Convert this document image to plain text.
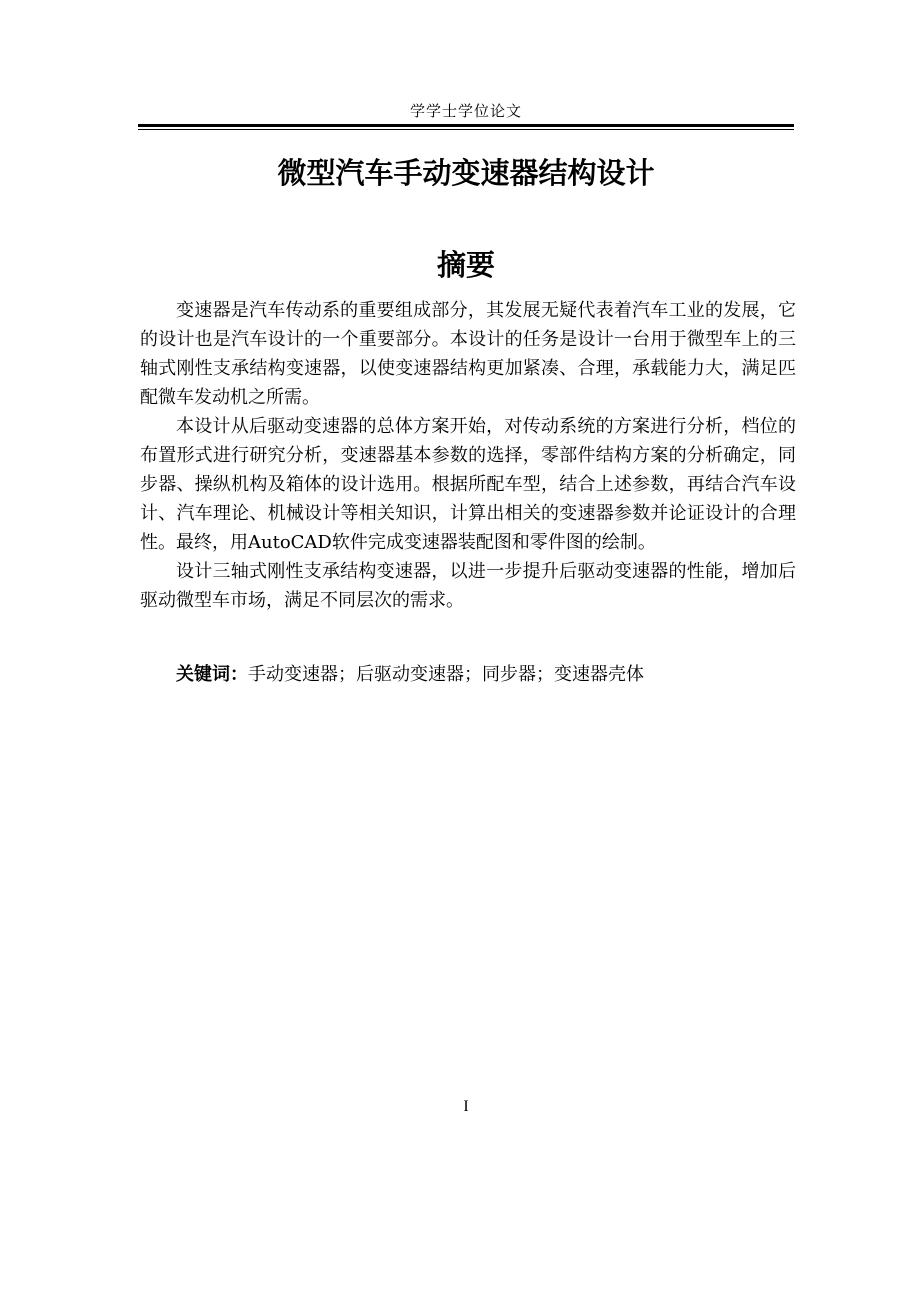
学学士学位论文
微型汽车手动变速器结构设计
摘要

变速器是汽车传动系的重要组成部分，其发展无疑代表着汽车工业的发展，它的设计也是汽车设计的一个重要部分。本设计的任务是设计一台用于微型车上的三轴式刚性支承结构变速器，以使变速器结构更加紧凑、合理，承载能力大，满足匹配微车发动机之所需。

本设计从后驱动变速器的总体方案开始，对传动系统的方案进行分析，档位的布置形式进行研究分析，变速器基本参数的选择，零部件结构方案的分析确定，同步器、操纵机构及箱体的设计选用。根据所配车型，结合上述参数，再结合汽车设计、汽车理论、机械设计等相关知识，计算出相关的变速器参数并论证设计的合理性。最终，用AutoCAD软件完成变速器装配图和零件图的绘制。

设计三轴式刚性支承结构变速器，以进一步提升后驱动变速器的性能，增加后驱动微型车市场，满足不同层次的需求。

关键词：手动变速器；后驱动变速器；同步器；变速器壳体

I
